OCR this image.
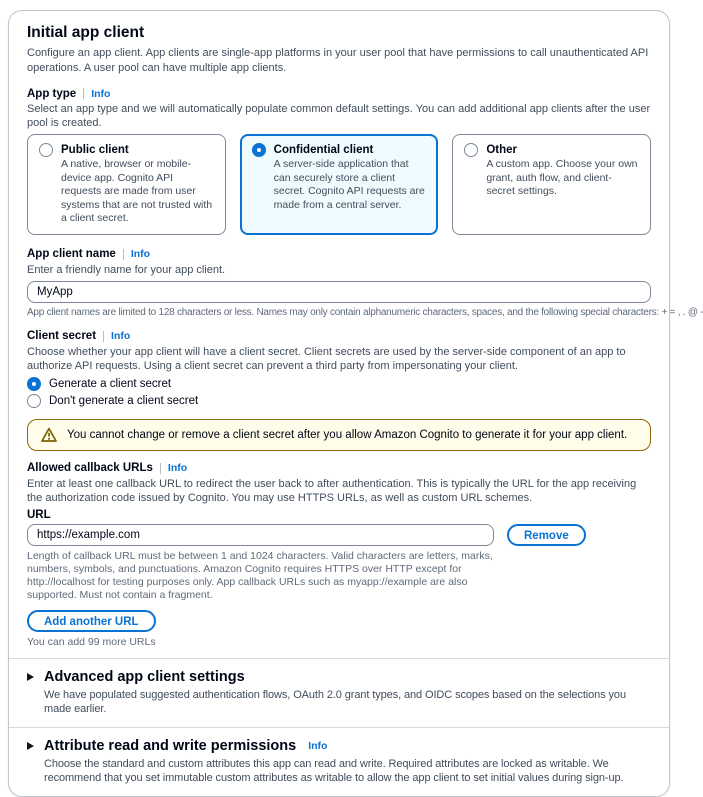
Initial app client
Configure an app client. App clients are single-app platforms in your user pool that have permissions to call unauthenticated API operations. A user pool can have multiple app clients.
App type Info
Select an app type and we will automatically populate common default settings. You can add additional app clients after the user pool is created.
Public client
A native, browser or mobile-device app. Cognito API requests are made from user systems that are not trusted with a client secret.
Confidential client
A server-side application that can securely store a client secret. Cognito API requests are made from a central server.
Other
A custom app. Choose your own grant, auth flow, and client-secret settings.
App client name Info
Enter a friendly name for your app client.
MyApp
App client names are limited to 128 characters or less. Names may only contain alphanumeric characters, spaces, and the following special characters: + = , . @ -
Client secret Info
Choose whether your app client will have a client secret. Client secrets are used by the server-side component of an app to authorize API requests. Using a client secret can prevent a third party from impersonating your client.
Generate a client secret
Don't generate a client secret
You cannot change or remove a client secret after you allow Amazon Cognito to generate it for your app client.
Allowed callback URLs Info
Enter at least one callback URL to redirect the user back to after authentication. This is typically the URL for the app receiving the authorization code issued by Cognito. You may use HTTPS URLs, as well as custom URL schemes.
URL
https://example.com
Remove
Length of callback URL must be between 1 and 1024 characters. Valid characters are letters, marks, numbers, symbols, and punctuations. Amazon Cognito requires HTTPS over HTTP except for http://localhost for testing purposes only. App callback URLs such as myapp://example are also supported. Must not contain a fragment.
Add another URL
You can add 99 more URLs
Advanced app client settings
We have populated suggested authentication flows, OAuth 2.0 grant types, and OIDC scopes based on the selections you made earlier.
Attribute read and write permissions Info
Choose the standard and custom attributes this app can read and write. Required attributes are locked as writable. We recommend that you set immutable custom attributes as writable to allow the app client to set initial values during sign-up.
